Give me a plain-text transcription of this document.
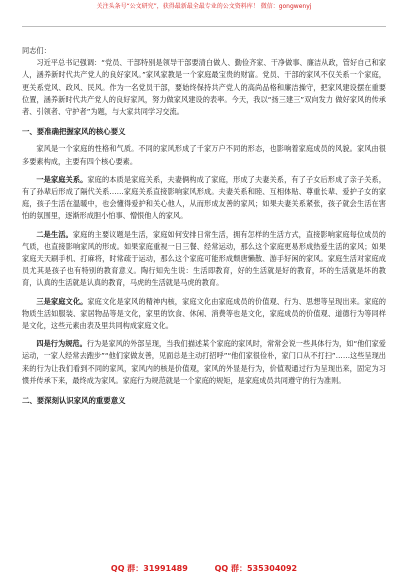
关注头条号“公文研究”，获得最新最全最专业的公文资料库！ 微信：gongwenyj

同志们：

习近平总书记强调：“党员、干部特别是领导干部要清白做人、勤俭齐家、干净做事、廉洁从政，管好自己和家人，涵养新时代共产党人的良好家风。”家风家教是一个家庭最宝贵的财富。党员、干部的家风不仅关系一个家庭，更关系党风、政风、民风。作为一名党员干部，要始终保持共产党人的高尚品格和廉洁操守，把家风建设摆在重要位置，涵养新时代共产党人的良好家风，努力做家风建设的表率。今天，我以“扬三建三”双向发力 做好家风的传承者、引领者、守护者”为题，与大家共同学习交流。

一、要准确把握家风的核心要义

家风是一个家庭的性格和气质。不同的家风形成了千家万户不同的形态，也影响着家庭成员的风貌。家风由很多要素构成，主要有四个核心要素。

一是家庭关系。家庭的本质是家庭关系，夫妻俩构成了家庭，形成了夫妻关系，有了子女后形成了亲子关系，有了孙辈后形成了隔代关系……家庭关系直接影响家风形成。夫妻关系和睦、互相体贴、尊重长辈、爱护子女的家庭，孩子生活在温暖中，也会懂得爱护和关心他人，从而形成友善的家风；如果夫妻关系紧张，孩子就会生活在害怕的氛围里，逐渐形成胆小怕事、憎恨他人的家风。

二是生活。家庭的主要议题是生活，家庭如何安排日常生活，拥有怎样的生活方式，直接影响家庭每位成员的气质，也直接影响家风的形成。如果家庭重视一日三餐、经常运动，那么这个家庭更易形成热爱生活的家风；如果家庭天天刷手机、打麻将，时常疏于运动，那么这个家庭可能形成颓唐懒散、游手好闲的家风。家庭生活对家庭成员尤其是孩子也有特别的教育意义。陶行知先生说：生活即教育，好的生活就是好的教育，坏的生活就是坏的教育，认真的生活就是认真的教育，马虎的生活就是马虎的教育。

三是家庭文化。家庭文化是家风的精神内核，家庭文化由家庭成员的价值观、行为、思想等呈现出来。家庭的物质生活如服装、家居物品等是文化，家里的饮食、休闲、消费等也是文化，家庭成员的价值观、道德行为等同样是文化，这些元素由表及里共同构成家庭文化。

四是行为规范。行为是家风的外部呈现，当我们描述某个家庭的家风时，常常会说一些具体行为，如“他们家爱运动，一家人经常去跑步”“他们家做友善，见面总是主动打招呼”“他们家很俭朴，家门口从不打扫”……这些呈现出来的行为让我们看到不同的家风，家风内的核是价值观，家风的外显是行为，价值观通过行为呈现出来，固定为习惯并传承下来，最终成为家风。家庭行为规范就是一个家庭的规矩，是家庭成员共同遵守的行为准则。

二、要深刻认识家风的重要意义

QQ 群：31991489	QQ 群：535304092
